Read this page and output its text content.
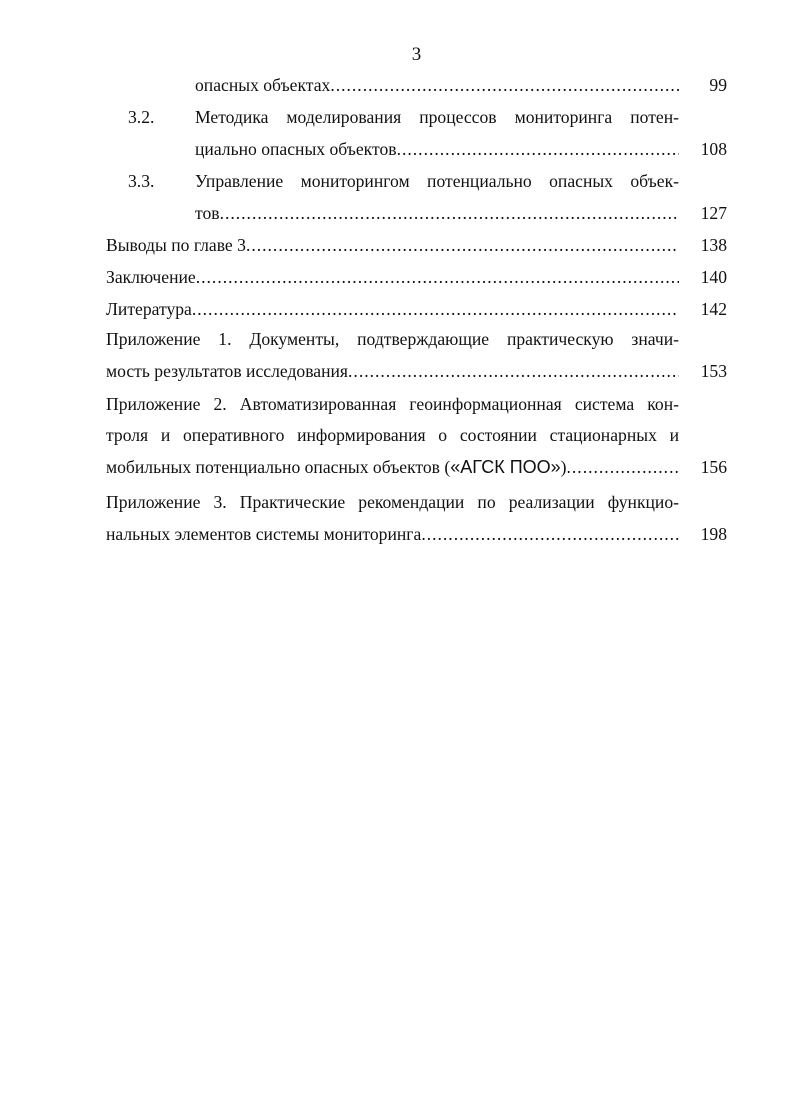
3
опасных объектах .....	99
3.2. Методика моделирования процессов мониторинга потен-
циально опасных объектов .....	108
3.3. Управление мониторингом потенциально опасных объек-
тов .....	127
Выводы по главе 3 .....	138
Заключение .....	140
Литература .....	142
Приложение 1. Документы, подтверждающие практическую значи-
мость результатов исследования .....	153
Приложение 2. Автоматизированная геоинформационная система кон-
троля и оперативного информирования о состоянии стационарных и
мобильных потенциально опасных объектов («АГСК ПОО») .....	156
Приложение 3. Практические рекомендации по реализации функцио-
нальных элементов системы мониторинга .....	198
